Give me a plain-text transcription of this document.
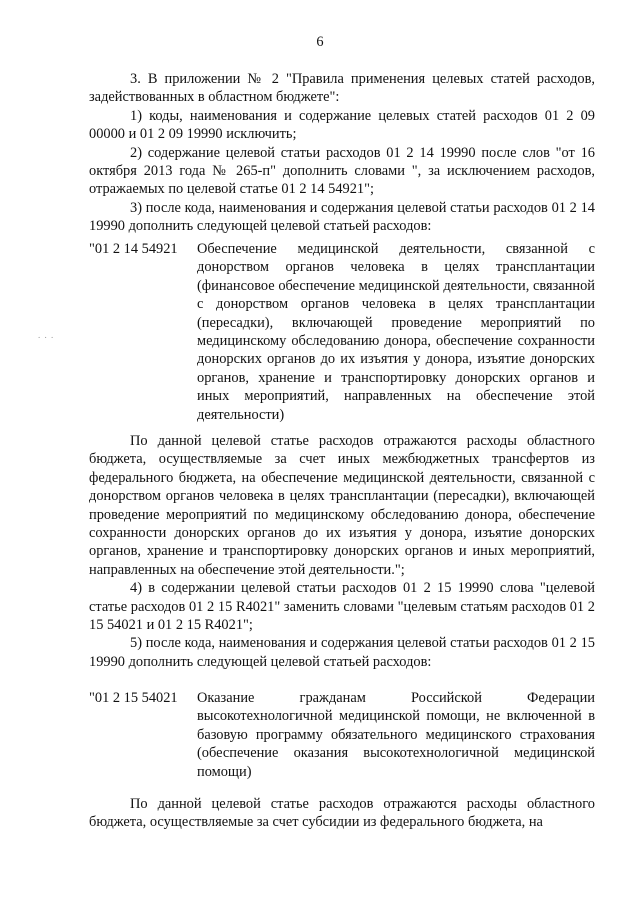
6

3. В приложении № 2 "Правила применения целевых статей расходов, задействованных в областном бюджете":

1) коды, наименования и содержание целевых статей расходов 01 2 09 00000 и 01 2 09 19990 исключить;

2) содержание целевой статьи расходов 01 2 14 19990 после слов "от 16 октября 2013 года № 265-п" дополнить словами ", за исключением расходов, отражаемых по целевой статье 01 2 14 54921";

3) после кода, наименования и содержания целевой статьи расходов 01 2 14 19990 дополнить следующей целевой статьей расходов:

. . .
"01 2 14 54921	Обеспечение медицинской деятельности, связанной с донорством органов человека в целях трансплантации (финансовое обеспечение медицинской деятельности, связанной с донорством органов человека в целях трансплантации (пересадки), включающей проведение мероприятий по медицинскому обследованию донора, обеспечение сохранности донорских органов до их изъятия у донора, изъятие донорских органов, хранение и транспортировку донорских органов и иных мероприятий, направленных на обеспечение этой деятельности)

По данной целевой статье расходов отражаются расходы областного бюджета, осуществляемые за счет иных межбюджетных трансфертов из федерального бюджета, на обеспечение медицинской деятельности, связанной с донорством органов человека в целях трансплантации (пересадки), включающей проведение мероприятий по медицинскому обследованию донора, обеспечение сохранности донорских органов до их изъятия у донора, изъятие донорских органов, хранение и транспортировку донорских органов и иных мероприятий, направленных на обеспечение этой деятельности.";

4) в содержании целевой статьи расходов 01 2 15 19990 слова "целевой статье расходов 01 2 15 R4021" заменить словами "целевым статьям расходов 01 2 15 54021 и 01 2 15 R4021";

5) после кода, наименования и содержания целевой статьи расходов 01 2 15 19990 дополнить следующей целевой статьей расходов:

"01 2 15 54021	Оказание гражданам Российской Федерации высокотехнологичной медицинской помощи, не включенной в базовую программу обязательного медицинского страхования (обеспечение оказания высокотехнологичной медицинской помощи)

По данной целевой статье расходов отражаются расходы областного бюджета, осуществляемые за счет субсидии из федерального бюджета, на
